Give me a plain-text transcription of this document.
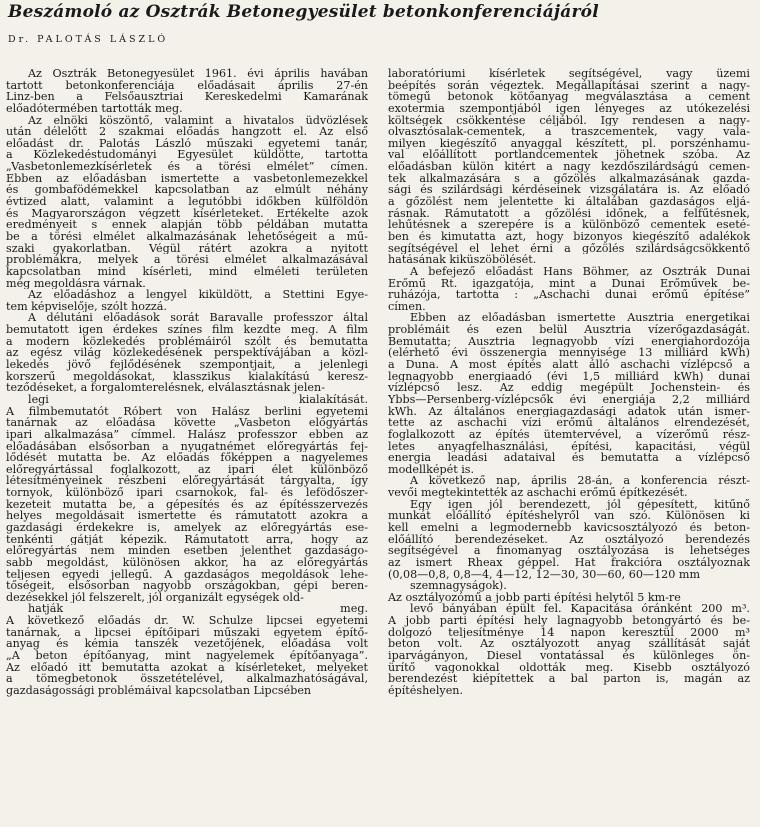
Beszámoló az Osztrák Betonegyesület betonkonferenciájáról
Dr. PALOTÁS LÁSZLÓ
Az Osztrák Betonegyesület 1961. évi április havában
tartott betonkonferenciája előadásait április 27-én
Linz-ben a Felsőausztriai Kereskedelmi Kamarának
előadótermében tartották meg.
Az elnöki köszöntő, valamint a hivatalos üdvözlések
után délelőtt 2 szakmai előadás hangzott el. Az első
előadást dr. Palotás László műszaki egyetemi tanár,
a Közlekedéstudományi Egyesület küldötte, tartotta
„Vasbetonlemezkísérletek és a törési elmélet” címen.
Ebben az előadásban ismertette a vasbetonlemezekkel
és gombafödémekkel kapcsolatban az elmúlt néhány
évtized alatt, valamint a legutóbbi időkben külföldön
és Magyarországon végzett kísérleteket. Értékelte azok
eredményeit s ennek alapján több példában mutatta
be a törési elmélet alkalmazásának lehetőségeit a mű-
szaki gyakorlatban. Végül rátért azokra a nyitott
problémákra, melyek a törési elmélet alkalmazásával
kapcsolatban mind kísérleti, mind elméleti területen
még megoldásra várnak.
Az előadáshoz a lengyel kiküldött, a Stettini Egye-
tem képviselője, szólt hozzá.
A délutáni előadások sorát Baravalle professzor által
bemutatott igen érdekes színes film kezdte meg. A film
a modern közlekedés problémáiról szólt és bemutatta
az egész világ közlekedésének perspektívájában a közl-
lekedés jövő fejlődésének szempontjait, a jelenlegi
korszerű megoldásokat, klasszikus kialakítású keresz-
teződéseket, a forgalomterelésnek, elválasztásnak jelen-
legi kialakítását.
A filmbemutatót Róbert von Halász berlini egyetemi
tanárnak az előadása követte „Vasbeton előgyártás
ipari alkalmazása” címmel. Halász professzor ebben az
előadásában elsősorban a nyugatnémet előregyártás fej-
lődését mutatta be. Az előadás főképpen a nagyelemes
előregyártással foglalkozott, az ipari élet különböző
létesítményeinek részbeni előregyártását tárgyalta, így
tornyok, különböző ipari csarnokok, fal- és lefödőszer-
kezeteit mutatta be, a gépesítés és az építésszervezés
helyes megoldásait ismertette és rámutatott azokra a
gazdasági érdekekre is, amelyek az előregyártás ese-
tenkénti gátját képezik. Rámutatott arra, hogy az
előregyártás nem minden esetben jelenthet gazdaságo-
sabb megoldást, különösen akkor, ha az előregyártás
teljesen egyedi jellegű. A gazdaságos megoldások lehe-
tőségeit, elsősorban nagyobb országokban, gépi beren-
dezésekkel jól felszerelt, jól organizált egységek old-
hatják meg.
A következő előadás dr. W. Schulze lipcsei egyetemi
tanárnak, a lipcsei építőipari műszaki egyetem építő-
anyag és kémia tanszék vezetőjének, előadása volt
„A beton építőanyag, mint nagyelemek építőanyaga”.
Az előadó itt bemutatta azokat a kísérleteket, melyeket
a tömegbetonok összetételével, alkalmazhatóságával,
gazdaságossági problémáival kapcsolatban Lipcsében
laboratóriumi kísérletek segítségével, vagy üzemi
beépítés során végeztek. Megállapításai szerint a nagy-
tömegű betonok kötőanyag megválasztása a cement
exotermia szempontjából igen lényeges az utókezelési
költségek csökkentése céljából. Így rendesen a nagy-
olvasztósalak-cementek, a traszcementek, vagy vala-
milyen kiegészítő anyaggal készített, pl. porszénhamu-
val előállított portlandcementek jöhetnek szóba. Az
előadásban külön kitért a nagy kezdőszilárdságú cemen-
tek alkalmazására s a gőzölés alkalmazásának gazda-
sági és szilárdsági kérdéseinek vizsgálatára is. Az előadó
a gőzölést nem jelentette ki általában gazdaságos eljá-
rásnak. Rámutatott a gőzölési időnek, a felfűtésnek,
lehűtésnek a szerepére is a különböző cementek eseté-
ben és kimutatta azt, hogy bizonyos kiegészítő adalékok
segítségével el lehet érni a gőzölés szilárdságcsökkentő
hatásának kiküszöbölését.
A befejező előadást Hans Böhmer, az Osztrák Dunai
Erőmű Rt. igazgatója, mint a Dunai Erőművek be-
ruházója, tartotta : „Aschachi dunai erőmű építése”
címen.
Ebben az előadásban ismertette Ausztria energetikai
problémáit és ezen belül Ausztria vízerőgazdaságát.
Bemutatta; Ausztria legnagyobb vízi energiahordozója
(elérhető évi összenergia mennyisége 13 milliárd kWh)
a Duna. A most építés alatt álló aschachi vízlépcső a
legnagyobb energiaadó (évi 1,5 milliárd kWh) dunai
vízlépcső lesz. Az eddig megépült Jochenstein- és
Ybbs—Persenberg-vízlépcsők évi energiája 2,2 milliárd
kWh. Az általános energiagazdasági adatok után ismer-
tette az aschachi vízi erőmű általános elrendezését,
foglalkozott az építés ütemtervével, a vízerőmű rész-
letes anyagfelhasználási, építési, kapacitási, végül
energia leadási adataival és bemutatta a vízlépcső
modellképét is.
A következő nap, április 28-án, a konferencia részt-
vevői megtekintették az aschachi erőmű építkezését.
Egy igen jól berendezett, jól gépesített, kitűnő
munkát előállító építéshelyről van szó. Különösen ki
kell emelni a legmodernebb kavicsosztályozó és beton-
előállító berendezéseket. Az osztályozó berendezés
segítségével a finomanyag osztályozása is lehetséges
az ismert Rheax géppel. Hat frakcióra osztályoznak
(0,08—0,8, 0,8—4, 4—12, 12—30, 30—60, 60—120 mm
szemnagyságok).
Az osztályozómű a jobb parti építési helytől 5 km-re
levő bányában épült fel. Kapacitása óránként 200 m³.
A jobb parti építési hely lagnagyobb betongyártó és be-
dolgozó teljesítménye 14 napon keresztül 2000 m³
beton volt. Az osztályozott anyag szállítását saját
iparvágányon, Diesel vontatással és különleges ön-
ürítő vagonokkal oldották meg. Kisebb osztályozó
berendezést kiépítettek a bal parton is, magán az
építéshelyen.
